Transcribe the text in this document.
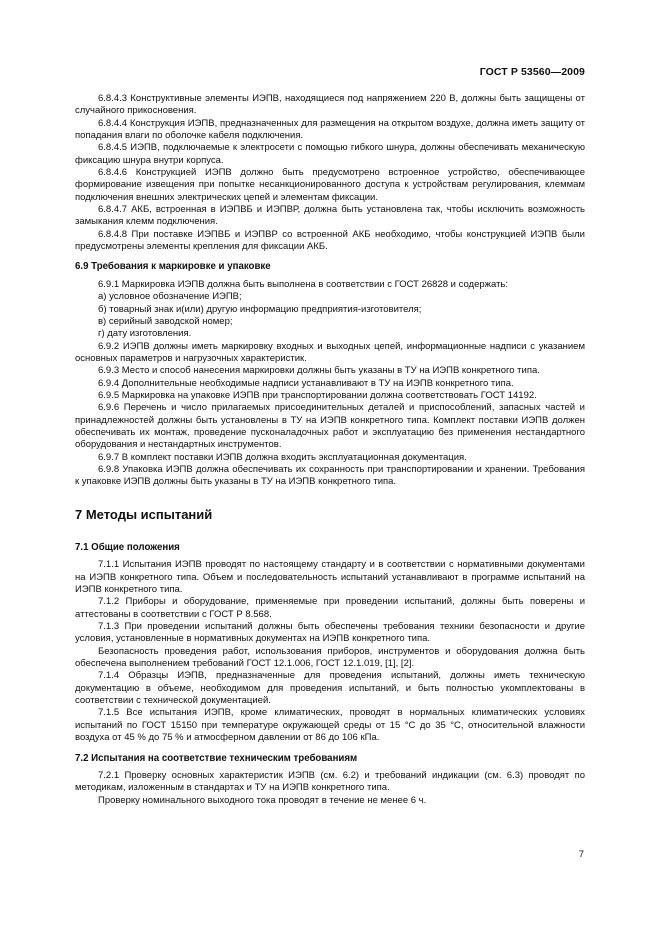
ГОСТ Р 53560—2009

6.8.4.3 Конструктивные элементы ИЭПВ, находящиеся под напряжением 220 В, должны быть защищены от случайного прикосновения.

6.8.4.4 Конструкция ИЭПВ, предназначенных для размещения на открытом воздухе, должна иметь защиту от попадания влаги по оболочке кабеля подключения.

6.8.4.5 ИЭПВ, подключаемые к электросети с помощью гибкого шнура, должны обеспечивать механическую фиксацию шнура внутри корпуса.

6.8.4.6 Конструкцией ИЭПВ должно быть предусмотрено встроенное устройство, обеспечивающее формирование извещения при попытке несанкционированного доступа к устройствам регулирования, клеммам подключения внешних электрических цепей и элементам фиксации.

6.8.4.7 АКБ, встроенная в ИЭПВБ и ИЭПВР, должна быть установлена так, чтобы исключить возможность замыкания клемм подключения.

6.8.4.8 При поставке ИЭПВБ и ИЭПВР со встроенной АКБ необходимо, чтобы конструкцией ИЭПВ были предусмотрены элементы крепления для фиксации АКБ.

6.9 Требования к маркировке и упаковке

6.9.1 Маркировка ИЭПВ должна быть выполнена в соответствии с ГОСТ 26828 и содержать:

а) условное обозначение ИЭПВ;

б) товарный знак и(или) другую информацию предприятия-изготовителя;

в) серийный заводской номер;

г) дату изготовления.

6.9.2 ИЭПВ должны иметь маркировку входных и выходных цепей, информационные надписи с указанием основных параметров и нагрузочных характеристик.

6.9.3 Место и способ нанесения маркировки должны быть указаны в ТУ на ИЭПВ конкретного типа.

6.9.4 Дополнительные необходимые надписи устанавливают в ТУ на ИЭПВ конкретного типа.

6.9.5 Маркировка на упаковке ИЭПВ при транспортировании должна соответствовать ГОСТ 14192.

6.9.6 Перечень и число прилагаемых присоединительных деталей и приспособлений, запасных частей и принадлежностей должны быть установлены в ТУ на ИЭПВ конкретного типа. Комплект поставки ИЭПВ должен обеспечивать их монтаж, проведение пусконаладочных работ и эксплуатацию без применения нестандартного оборудования и нестандартных инструментов.

6.9.7 В комплект поставки ИЭПВ должна входить эксплуатационная документация.

6.9.8 Упаковка ИЭПВ должна обеспечивать их сохранность при транспортировании и хранении. Требования к упаковке ИЭПВ должны быть указаны в ТУ на ИЭПВ конкретного типа.

7 Методы испытаний

7.1 Общие положения

7.1.1 Испытания ИЭПВ проводят по настоящему стандарту и в соответствии с нормативными документами на ИЭПВ конкретного типа. Объем и последовательность испытаний устанавливают в программе испытаний на ИЭПВ конкретного типа.

7.1.2 Приборы и оборудование, применяемые при проведении испытаний, должны быть поверены и аттестованы в соответствии с ГОСТ Р 8.568.

7.1.3 При проведении испытаний должны быть обеспечены требования техники безопасности и другие условия, установленные в нормативных документах на ИЭПВ конкретного типа.

Безопасность проведения работ, использования приборов, инструментов и оборудования должна быть обеспечена выполнением требований ГОСТ 12.1.006, ГОСТ 12.1.019, [1], [2].

7.1.4 Образцы ИЭПВ, предназначенные для проведения испытаний, должны иметь техническую документацию в объеме, необходимом для проведения испытаний, и быть полностью укомплектованы в соответствии с технической документацией.

7.1.5 Все испытания ИЭПВ, кроме климатических, проводят в нормальных климатических условиях испытаний по ГОСТ 15150 при температуре окружающей среды от 15 °С до 35 °С, относительной влажности воздуха от 45 % до 75 % и атмосферном давлении от 86 до 106 кПа.

7.2 Испытания на соответствие техническим требованиям

7.2.1 Проверку основных характеристик ИЭПВ (см. 6.2) и требований индикации (см. 6.3) проводят по методикам, изложенным в стандартах и ТУ на ИЭПВ конкретного типа.

Проверку номинального выходного тока проводят в течение не менее 6 ч.

7
